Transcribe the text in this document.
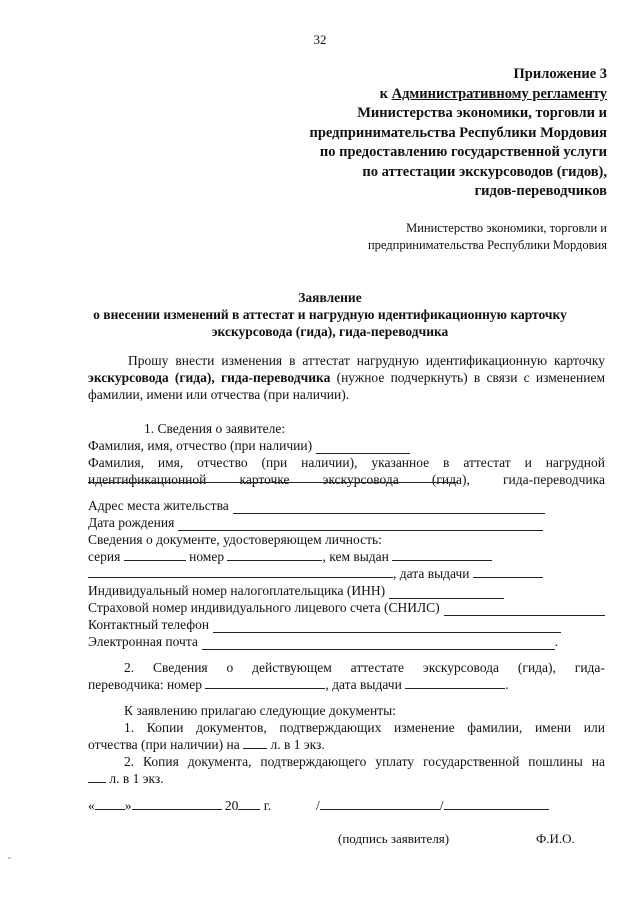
32
Приложение 3
к Административному регламенту
Министерства экономики, торговли и
предпринимательства Республики Мордовия
по предоставлению государственной услуги
по аттестации экскурсоводов (гидов),
гидов-переводчиков
Министерство экономики, торговли и
предпринимательства Республики Мордовия
Заявление
о внесении изменений в аттестат и нагрудную идентификационную карточку
экскурсовода (гида), гида-переводчика
Прошу внести изменения в аттестат нагрудную идентификационную карточку экскурсовода (гида), гида-переводчика (нужное подчеркнуть) в связи с изменением фамилии, имени или отчества (при наличии).
1. Сведения о заявителе:
Фамилия, имя, отчество (при наличии)
Фамилия, имя, отчество (при наличии), указанное в аттестат и нагрудной
идентификационной карточке экскурсовода (гида), гида-переводчика
Адрес места жительства
Дата рождения
Сведения о документе, удостоверяющем личность:
серия	номер	, кем выдан
, дата выдачи
Индивидуальный номер налогоплательщика (ИНН)
Страховой номер индивидуального лицевого счета (СНИЛС)
Контактный телефон
Электронная почта	.
2. Сведения о действующем аттестате экскурсовода (гида), гида-
переводчика: номер	, дата выдачи	.
К заявлению прилагаю следующие документы:
1. Копии документов, подтверждающих изменение фамилии, имени или
отчества (при наличии) на л. в 1 экз.
2. Копия документа, подтверждающего уплату государственной пошлины на
л. в 1 экз.
« »	20 г.	/	/
(подпись заявителя)	Ф.И.О.
